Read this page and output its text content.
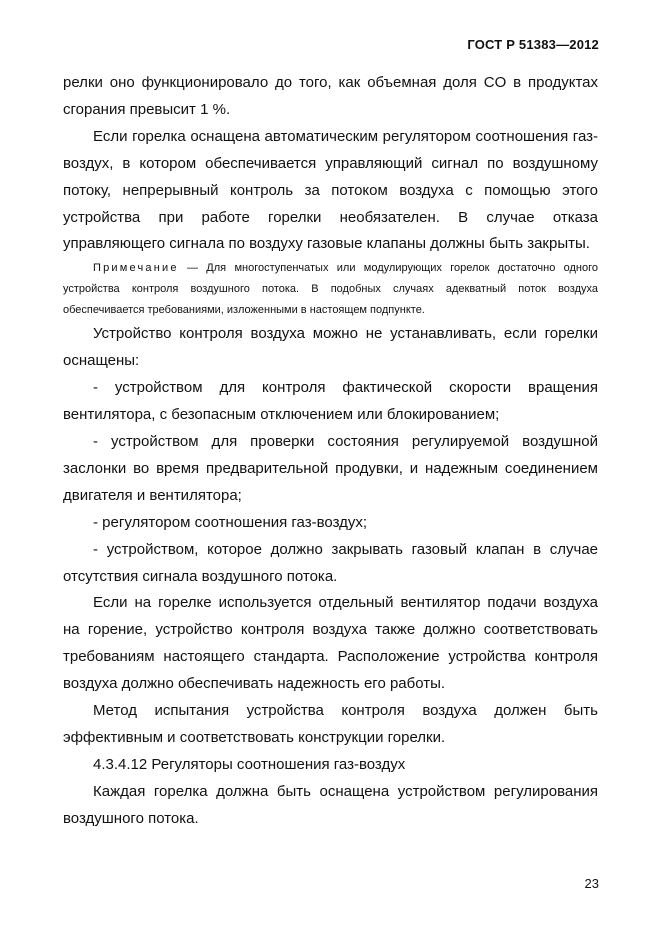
ГОСТ Р 51383—2012

релки оно функционировало до того, как объемная доля CO в продуктах сгорания превысит 1 %.

Если горелка оснащена автоматическим регулятором соотношения газ-воздух, в котором обеспечивается управляющий сигнал по воздушному потоку, непрерывный контроль за потоком воздуха с помощью этого устройства при работе горелки необязателен. В случае отказа управляющего сигнала по воздуху газовые клапаны должны быть закрыты.

Примечание — Для многоступенчатых или модулирующих горелок достаточно одного устройства контроля воздушного потока. В подобных случаях адекватный поток воздуха обеспечивается требованиями, изложенными в настоящем подпункте.

Устройство контроля воздуха можно не устанавливать, если горелки оснащены:

- устройством для контроля фактической скорости вращения вентилятора, с безопасным отключением или блокированием;

- устройством для проверки состояния регулируемой воздушной заслонки во время предварительной продувки, и надежным соединением двигателя и вентилятора;

- регулятором соотношения газ-воздух;

- устройством, которое должно закрывать газовый клапан в случае отсутствия сигнала воздушного потока.

Если на горелке используется отдельный вентилятор подачи воздуха на горение, устройство контроля воздуха также должно соответствовать требованиям настоящего стандарта. Расположение устройства контроля воздуха должно обеспечивать надежность его работы.

Метод испытания устройства контроля воздуха должен быть эффективным и соответствовать конструкции горелки.

4.3.4.12 Регуляторы соотношения газ-воздух

Каждая горелка должна быть оснащена устройством регулирования воздушного потока.

23
